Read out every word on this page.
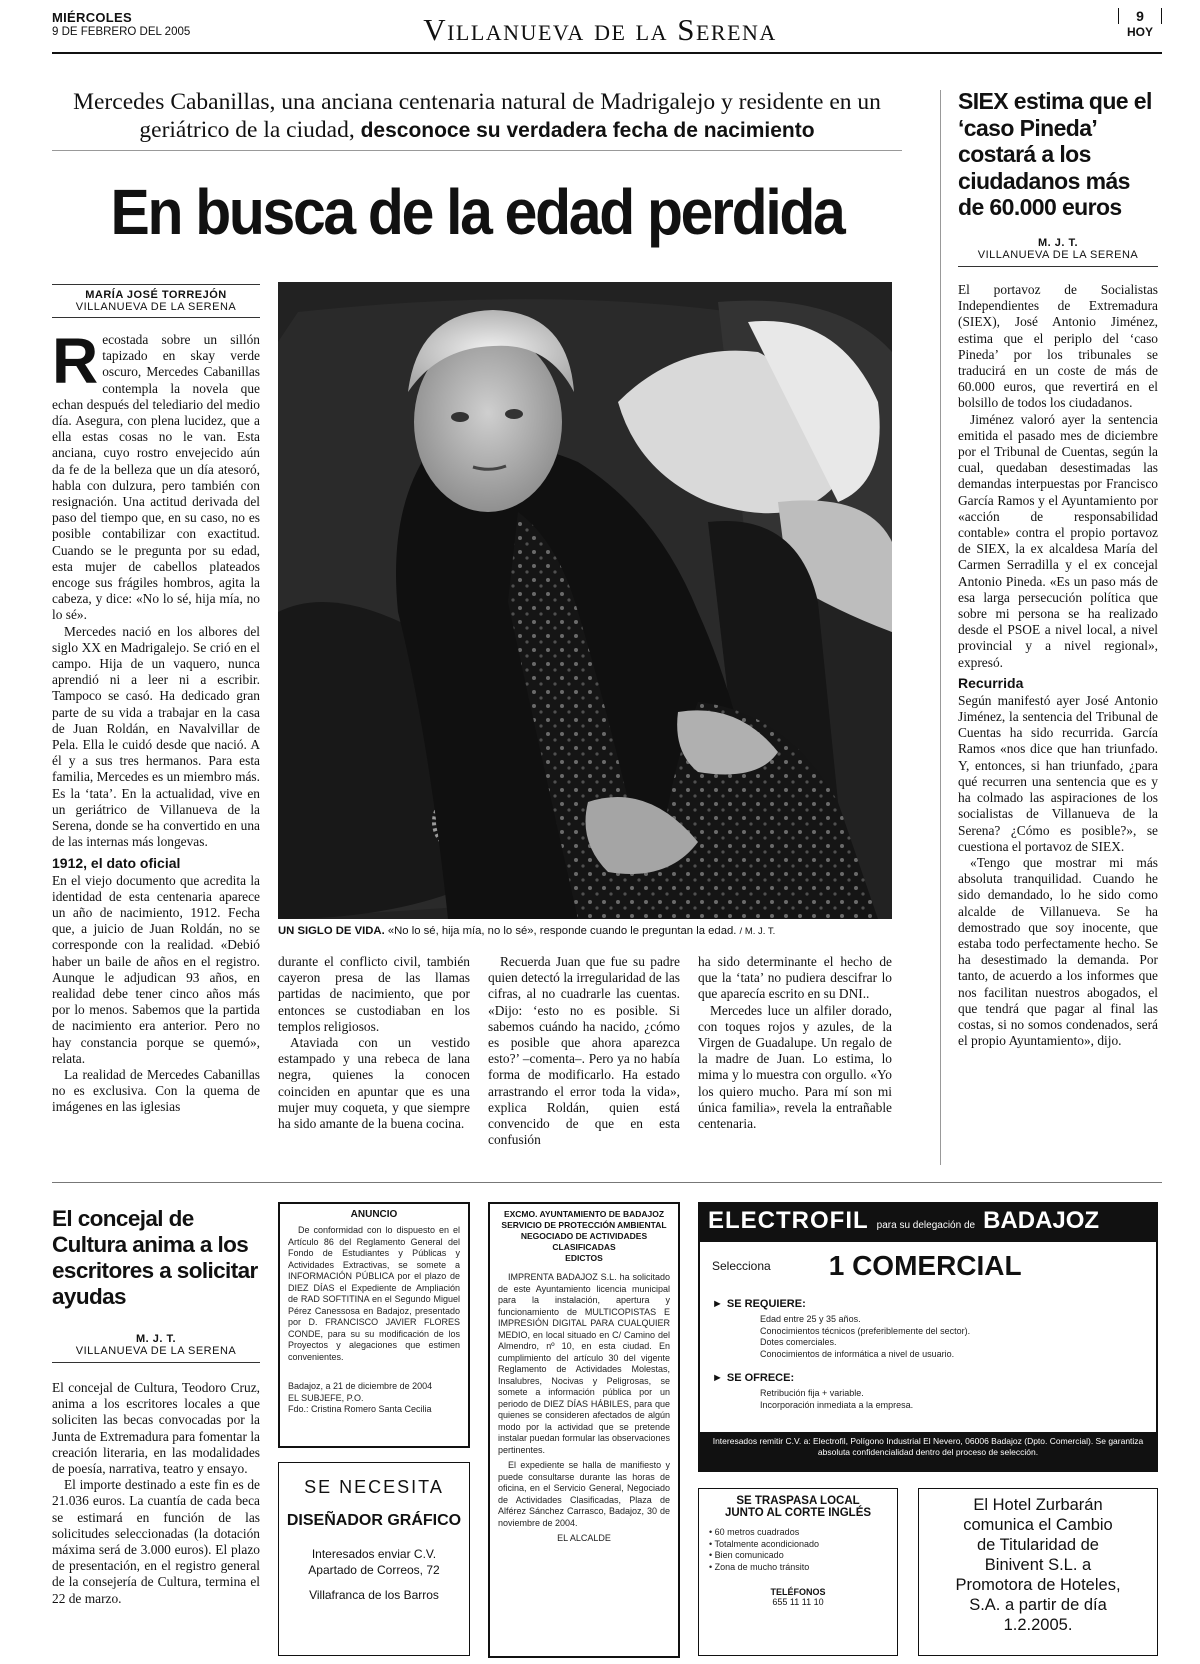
MIÉRCOLES
9 DE FEBRERO DEL 2005	Villanueva de la Serena	9
HOY
Mercedes Cabanillas, una anciana centenaria natural de Madrigalejo y residente en un geriátrico de la ciudad, desconoce su verdadera fecha de nacimiento
En busca de la edad perdida
MARÍA JOSÉ TORREJÓN
VILLANUEVA DE LA SERENA

R ecostada sobre un sillón tapizado en skay verde oscuro, Mercedes Cabanillas contempla la novela que echan después del telediario del medio día. Asegura, con plena lucidez, que a ella estas cosas no le van. Esta anciana, cuyo rostro envejecido aún da fe de la belleza que un día atesoró, habla con dulzura, pero también con resignación. Una actitud derivada del paso del tiempo que, en su caso, no es posible contabilizar con exactitud. Cuando se le pregunta por su edad, esta mujer de cabellos plateados encoge sus frágiles hombros, agita la cabeza, y dice: «No lo sé, hija mía, no lo sé».

Mercedes nació en los albores del siglo XX en Madrigalejo. Se crió en el campo. Hija de un vaquero, nunca aprendió ni a leer ni a escribir. Tampoco se casó. Ha dedicado gran parte de su vida a trabajar en la casa de Juan Roldán, en Navalvillar de Pela. Ella le cuidó desde que nació. A él y a sus tres hermanos. Para esta familia, Mercedes es un miembro más. Es la ‘tata’. En la actualidad, vive en un geriátrico de Villanueva de la Serena, donde se ha convertido en una de las internas más longevas.

1912, el dato oficial

En el viejo documento que acredita la identidad de esta centenaria aparece un año de nacimiento, 1912. Fecha que, a juicio de Juan Roldán, no se corresponde con la realidad. «Debió haber un baile de años en el registro. Aunque le adjudican 93 años, en realidad debe tener cinco años más por lo menos. Sabemos que la partida de nacimiento era anterior. Pero no hay constancia porque se quemó», relata.

La realidad de Mercedes Cabanillas no es exclusiva. Con la quema de imágenes en las iglesias

UN SIGLO DE VIDA. «No lo sé, hija mía, no lo sé», responde cuando le preguntan la edad. / M. J. T.

durante el conflicto civil, también cayeron presa de las llamas partidas de nacimiento, que por entonces se custodiaban en los templos religiosos.

Ataviada con un vestido estampado y una rebeca de lana negra, quienes la conocen coinciden en apuntar que es una mujer muy coqueta, y que siempre ha sido amante de la buena cocina.

Recuerda Juan que fue su padre quien detectó la irregularidad de las cifras, al no cuadrarle las cuentas. «Dijo: ‘esto no es posible. Si sabemos cuándo ha nacido, ¿cómo es posible que ahora aparezca esto?’ –comenta–. Pero ya no había forma de modificarlo. Ha estado arrastrando el error toda la vida», explica Roldán, quien está convencido de que en esta confusión

ha sido determinante el hecho de que la ‘tata’ no pudiera descifrar lo que aparecía escrito en su DNI..

Mercedes luce un alfiler dorado, con toques rojos y azules, de la Virgen de Guadalupe. Un regalo de la madre de Juan. Lo estima, lo mima y lo muestra con orgullo. «Yo los quiero mucho. Para mí son mi única familia», revela la entrañable centenaria.

SIEX estima que el ‘caso Pineda’ costará a los ciudadanos más de 60.000 euros
M. J. T.
VILLANUEVA DE LA SERENA

El portavoz de Socialistas Independientes de Extremadura (SIEX), José Antonio Jiménez, estima que el periplo del ‘caso Pineda’ por los tribunales se traducirá en un coste de más de 60.000 euros, que revertirá en el bolsillo de todos los ciudadanos.

Jiménez valoró ayer la sentencia emitida el pasado mes de diciembre por el Tribunal de Cuentas, según la cual, quedaban desestimadas las demandas interpuestas por Francisco García Ramos y el Ayuntamiento por «acción de responsabilidad contable» contra el propio portavoz de SIEX, la ex alcaldesa María del Carmen Serradilla y el ex concejal Antonio Pineda. «Es un paso más de esa larga persecución política que sobre mi persona se ha realizado desde el PSOE a nivel local, a nivel provincial y a nivel regional», expresó.

Recurrida

Según manifestó ayer José Antonio Jiménez, la sentencia del Tribunal de Cuentas ha sido recurrida. García Ramos «nos dice que han triunfado. Y, entonces, si han triunfado, ¿para qué recurren una sentencia que es y ha colmado las aspiraciones de los socialistas de Villanueva de la Serena? ¿Cómo es posible?», se cuestiona el portavoz de SIEX.

«Tengo que mostrar mi más absoluta tranquilidad. Cuando he sido demandado, lo he sido como alcalde de Villanueva. Se ha demostrado que soy inocente, que estaba todo perfectamente hecho. Se ha desestimado la demanda. Por tanto, de acuerdo a los informes que nos facilitan nuestros abogados, el que tendrá que pagar al final las costas, si no somos condenados, será el propio Ayuntamiento», dijo.

El concejal de Cultura anima a los escritores a solicitar ayudas
M. J. T.
VILLANUEVA DE LA SERENA

El concejal de Cultura, Teodoro Cruz, anima a los escritores locales a que soliciten las becas convocadas por la Junta de Extremadura para fomentar la creación literaria, en las modalidades de poesía, narrativa, teatro y ensayo.

El importe destinado a este fin es de 21.036 euros. La cuantía de cada beca se estimará en función de las solicitudes seleccionadas (la dotación máxima será de 3.000 euros). El plazo de presentación, en el registro general de la consejería de Cultura, termina el 22 de marzo.

ANUNCIO
De conformidad con lo dispuesto en el Artículo 86 del Reglamento General del Fondo de Estudiantes y Públicas y Actividades Extractivas, se somete a INFORMACIÓN PÚBLICA por el plazo de DIEZ DÍAS el Expediente de Ampliación de RAD SOFTITINA en el Segundo Miguel Pérez Canessosa en Badajoz, presentado por D. FRANCISCO JAVIER FLORES CONDE, para su su modificación de los Proyectos y alegaciones que estimen convenientes.
Badajoz, a 21 de diciembre de 2004
EL SUBJEFE, P.O.
Fdo.: Cristina Romero Santa Cecilia
SE NECESITA
DISEÑADOR GRÁFICO
Interesados enviar C.V.
Apartado de Correos, 72
Villafranca de los Barros
EXCMO. AYUNTAMIENTO DE BADAJOZ
SERVICIO DE PROTECCIÓN AMBIENTAL
NEGOCIADO DE ACTIVIDADES
CLASIFICADAS
EDICTOS
IMPRENTA BADAJOZ S.L. ha solicitado de este Ayuntamiento licencia municipal para la instalación, apertura y funcionamiento de MULTICOPISTAS E IMPRESIÓN DIGITAL PARA CUALQUIER MEDIO, en local situado en C/ Camino del Almendro, nº 10, en esta ciudad. En cumplimiento del artículo 30 del vigente Reglamento de Actividades Molestas, Insalubres, Nocivas y Peligrosas, se somete a información pública por un periodo de DIEZ DÍAS HÁBILES, para que quienes se consideren afectados de algún modo por la actividad que se pretende instalar puedan formular las observaciones pertinentes.
El expediente se halla de manifiesto y puede consultarse durante las horas de oficina, en el Servicio General, Negociado de Actividades Clasificadas, Plaza de Alférez Sánchez Carrasco, Badajoz, 30 de noviembre de 2004.
EL ALCALDE
ELECTROFIL para su delegación de BADAJOZ
Selecciona 1 COMERCIAL
► SE REQUIERE:
Edad entre 25 y 35 años.
Conocimientos técnicos (preferiblemente del sector).
Dotes comerciales.
Conocimientos de informática a nivel de usuario.
► SE OFRECE:
Retribución fija + variable.
Incorporación inmediata a la empresa.
Interesados remitir C.V. a: Electrofil, Polígono Industrial El Nevero, 06006 Badajoz (Dpto. Comercial). Se garantiza absoluta confidencialidad dentro del proceso de selección.
SE TRASPASA LOCAL
JUNTO AL CORTE INGLÉS
• 60 metros cuadrados
• Totalmente acondicionado
• Bien comunicado
• Zona de mucho tránsito
TELÉFONOS
655 11 11 10
El Hotel Zurbarán
comunica el Cambio
de Titularidad de
Binivent S.L. a
Promotora de Hoteles,
S.A. a partir de día
1.2.2005.
